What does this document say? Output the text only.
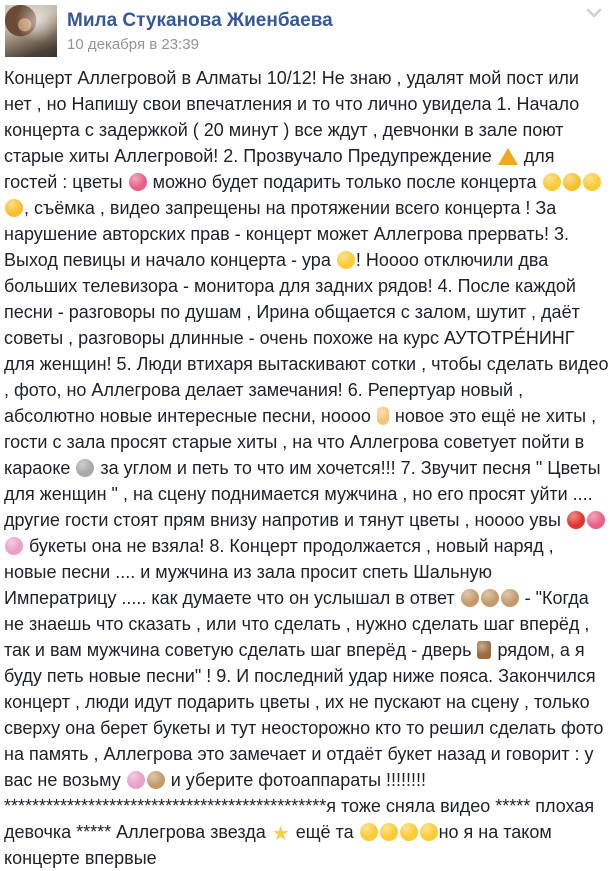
Мила Стуканова Жиенбаева
10 декабря в 23:39
Концерт Аллегровой в Алматы 10/12! Не знаю , удалят мой пост или нет , но Напишу свои впечатления и то что лично увидела 1. Начало концерта с задержкой ( 20 минут ) все ждут , девчонки в зале поют старые хиты Аллегровой! 2. Прозвучало Предупреждение  для гостей : цветы  можно будет подарить только после концерта , съёмка , видео запрещены на протяжении всего концерта ! За нарушение авторских прав - концерт может Аллегрова прервать! 3. Выход певицы и начало концерта - ура ! Ноооо отключили два больших телевизора - монитора для задних рядов! 4. После каждой песни - разговоры по душам , Ирина общается с залом, шутит , даёт советы , разговоры длинные - очень похоже на курс АУТОТРЕ́НИНГ для женщин! 5. Люди втихаря вытаскивают сотки , чтобы сделать видео , фото, но Аллегрова делает замечания! 6. Репертуар новый , абсолютно новые интересные песни, ноооо  новое это ещё не хиты , гости с зала просят старые хиты , на что Аллегрова советует пойти в караоке  за углом и петь то что им хочется!!! 7. Звучит песня " Цветы для женщин " , на сцену поднимается мужчина , но его просят уйти .... другие гости стоят прям внизу напротив и тянут цветы , ноооо увы  букеты она не взяла! 8. Концерт продолжается , новый наряд , новые песни .... и мужчина из зала просит спеть Шальную Императрицу ..... как думаете что он услышал в ответ	- "Когда не знаешь что сказать , или что сделать , нужно сделать шаг вперёд , так и вам мужчина советую сделать шаг вперёд - дверь  рядом, а я буду петь новые песни" ! 9. И последний удар ниже пояса. Закончился концерт , люди идут подарить цветы , их не пускают на сцену , только сверху она берет букеты и тут неосторожно кто то решил сделать фото на память , Аллегрова это замечает и отдаёт букет назад и говорит : у вас не возьму  и уберите фотоаппараты !!!!!!!! **********************************************я тоже сняла видео ***** плохая девочка ***** Аллегрова звезда ★ ещё та	но я на таком концерте впервые
